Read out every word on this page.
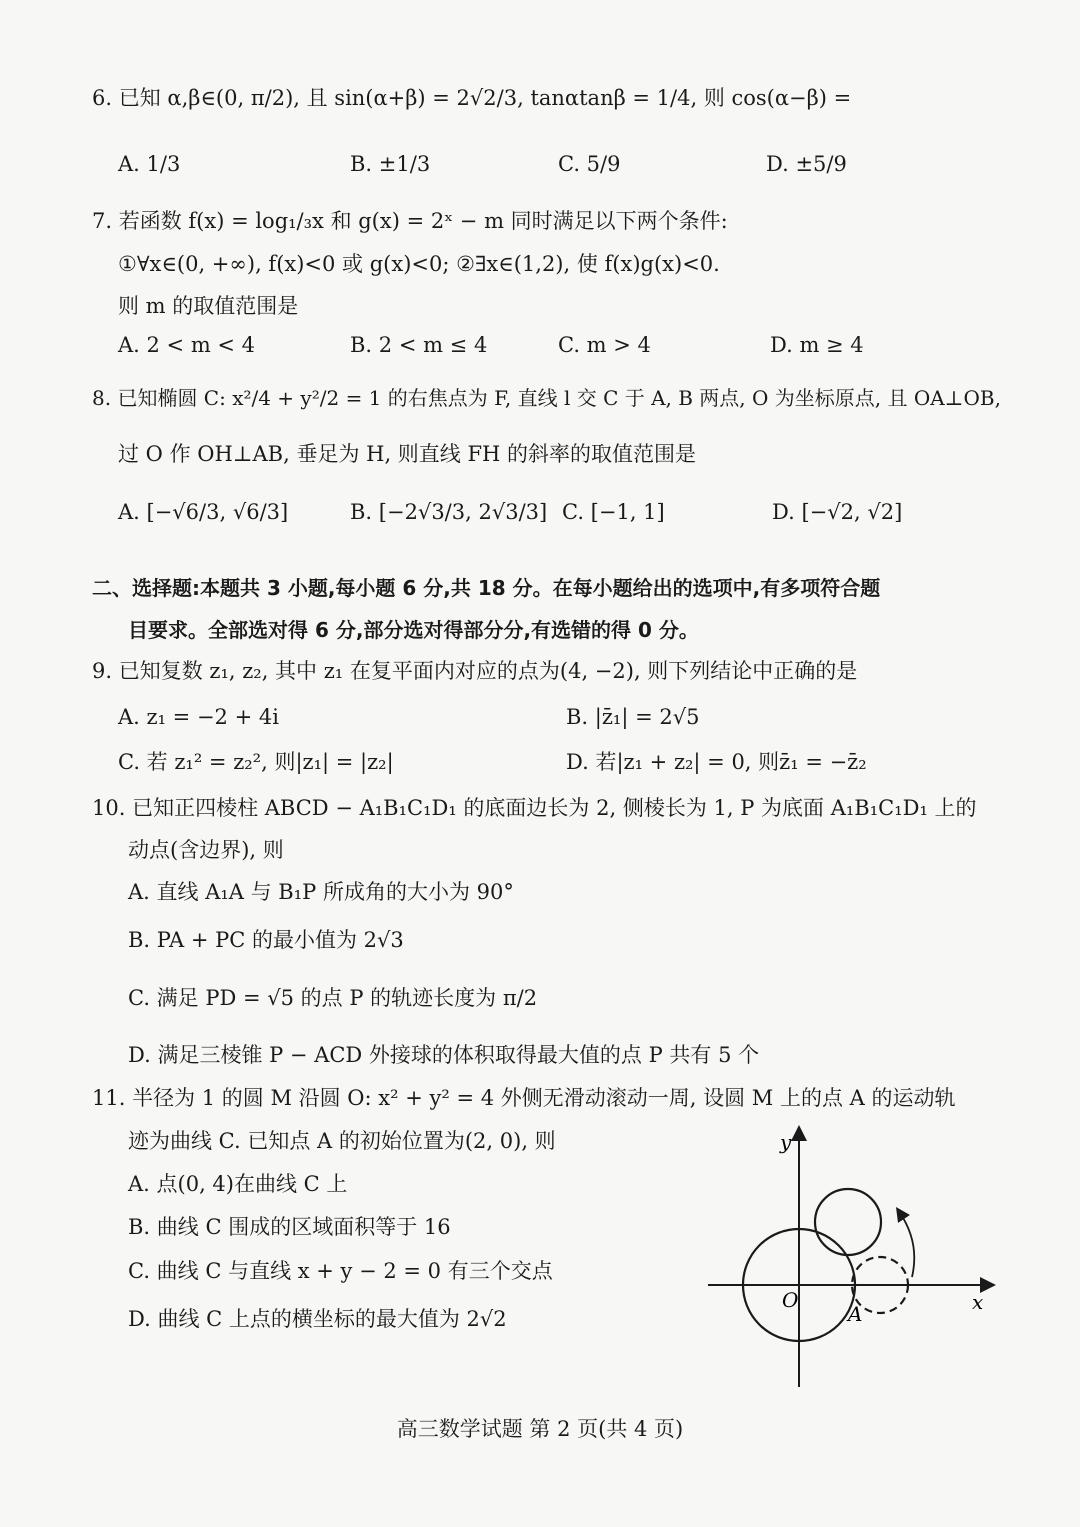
6. 已知 α,β∈(0, π/2), 且 sin(α+β) = 2√2/3, tanαtanβ = 1/4, 则 cos(α−β) =
A. 1/3	B. ±1/3	C. 5/9	D. ±5/9
7. 若函数 f(x) = log₁/₃x 和 g(x) = 2ˣ − m 同时满足以下两个条件:
①∀x∈(0, +∞), f(x)<0 或 g(x)<0; ②∃x∈(1,2), 使 f(x)g(x)<0.
则 m 的取值范围是
A. 2 < m < 4	B. 2 < m ≤ 4	C. m > 4	D. m ≥ 4
8. 已知椭圆 C: x²/4 + y²/2 = 1 的右焦点为 F, 直线 l 交 C 于 A, B 两点, O 为坐标原点, 且 OA⊥OB,
过 O 作 OH⊥AB, 垂足为 H, 则直线 FH 的斜率的取值范围是
A. [−√6/3, √6/3]	B. [−2√3/3, 2√3/3] C. [−1, 1]	D. [−√2, √2]
二、选择题:本题共 3 小题,每小题 6 分,共 18 分。在每小题给出的选项中,有多项符合题
目要求。全部选对得 6 分,部分选对得部分分,有选错的得 0 分。
9. 已知复数 z₁, z₂, 其中 z₁ 在复平面内对应的点为(4, −2), 则下列结论中正确的是
A. z₁ = −2 + 4i	B. |z̄₁| = 2√5
C. 若 z₁² = z₂², 则|z₁| = |z₂|	D. 若|z₁ + z₂| = 0, 则z̄₁ = −z̄₂
10. 已知正四棱柱 ABCD − A₁B₁C₁D₁ 的底面边长为 2, 侧棱长为 1, P 为底面 A₁B₁C₁D₁ 上的
动点(含边界), 则
A. 直线 A₁A 与 B₁P 所成角的大小为 90°
B. PA + PC 的最小值为 2√3
C. 满足 PD = √5 的点 P 的轨迹长度为 π/2
D. 满足三棱锥 P − ACD 外接球的体积取得最大值的点 P 共有 5 个
11. 半径为 1 的圆 M 沿圆 O: x² + y² = 4 外侧无滑动滚动一周, 设圆 M 上的点 A 的运动轨
迹为曲线 C. 已知点 A 的初始位置为(2, 0), 则
A. 点(0, 4)在曲线 C 上
B. 曲线 C 围成的区域面积等于 16
C. 曲线 C 与直线 x + y − 2 = 0 有三个交点
D. 曲线 C 上点的横坐标的最大值为 2√2
y
x
O
A
高三数学试题 第 2 页(共 4 页)
